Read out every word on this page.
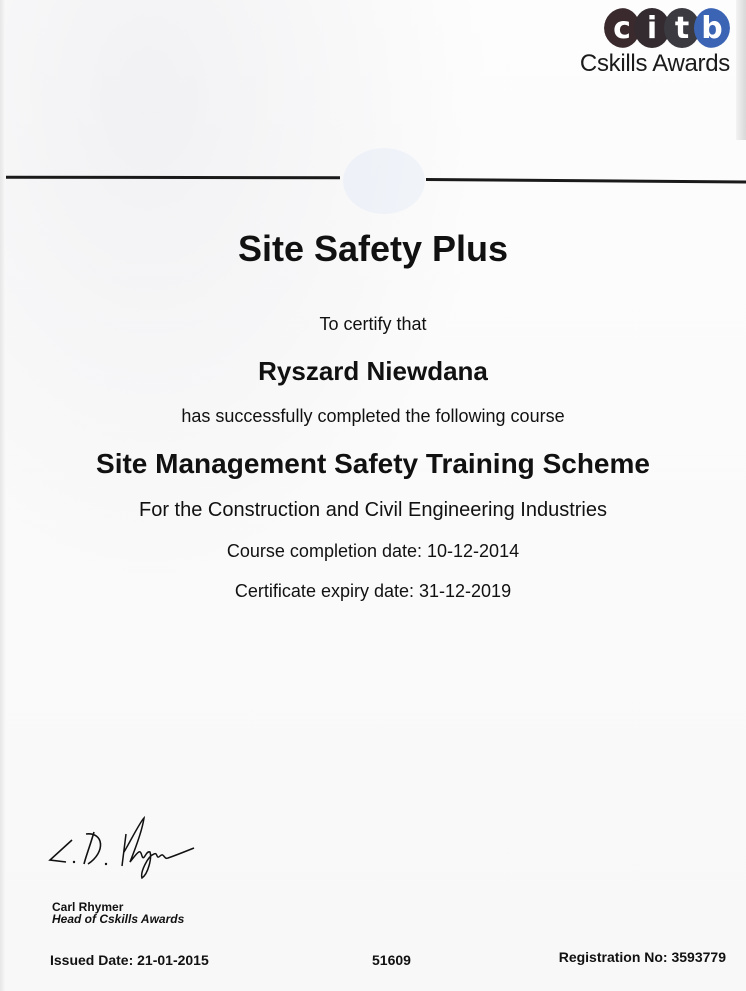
c i t b
Cskills Awards
Site Safety Plus
To certify that
Ryszard Niewdana
has successfully completed the following course
Site Management Safety Training Scheme
For the Construction and Civil Engineering Industries
Course completion date: 10-12-2014
Certificate expiry date: 31-12-2019
Carl Rhymer
Head of Cskills Awards
Issued Date: 21-01-2015	51609	Registration No: 3593779
